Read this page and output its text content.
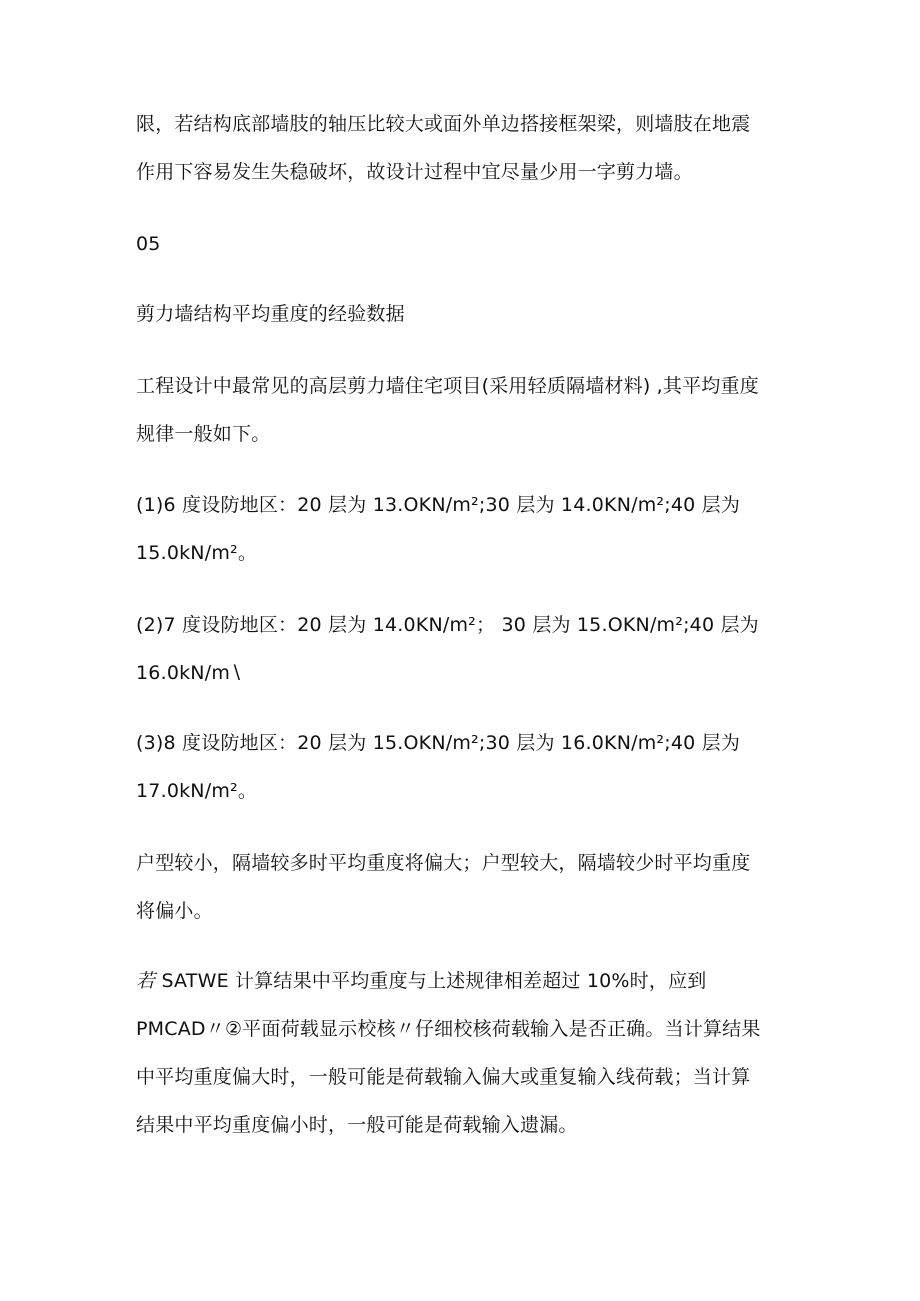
限，若结构底部墙肢的轴压比较大或面外单边搭接框架梁，则墙肢在地震
作用下容易发生失稳破坏，故设计过程中宜尽量少用一字剪力墙。

05

剪力墙结构平均重度的经验数据

工程设计中最常见的高层剪力墙住宅项目(采用轻质隔墙材料) ,其平均重度
规律一般如下。

(1)6 度设防地区：20 层为 13.OKN∕m²;30 层为 14.0KN∕m²;40 层为
15.0kN∕m²。

(2)7 度设防地区：20 层为 14.0KN∕m²； 30 层为 15.OKN∕m²;40 层为
16.0kN∕m∖

(3)8 度设防地区：20 层为 15.OKN∕m²;30 层为 16.0KN∕m²;40 层为
17.0kN∕m²。

户型较小，隔墙较多时平均重度将偏大；户型较大，隔墙较少时平均重度
将偏小。

若 SATWE 计算结果中平均重度与上述规律相差超过 10%时，应到
PMCAD〃②平面荷载显示校核〃仔细校核荷载输入是否正确。当计算结果
中平均重度偏大时，一般可能是荷载输入偏大或重复输入线荷载；当计算
结果中平均重度偏小时，一般可能是荷载输入遗漏。
